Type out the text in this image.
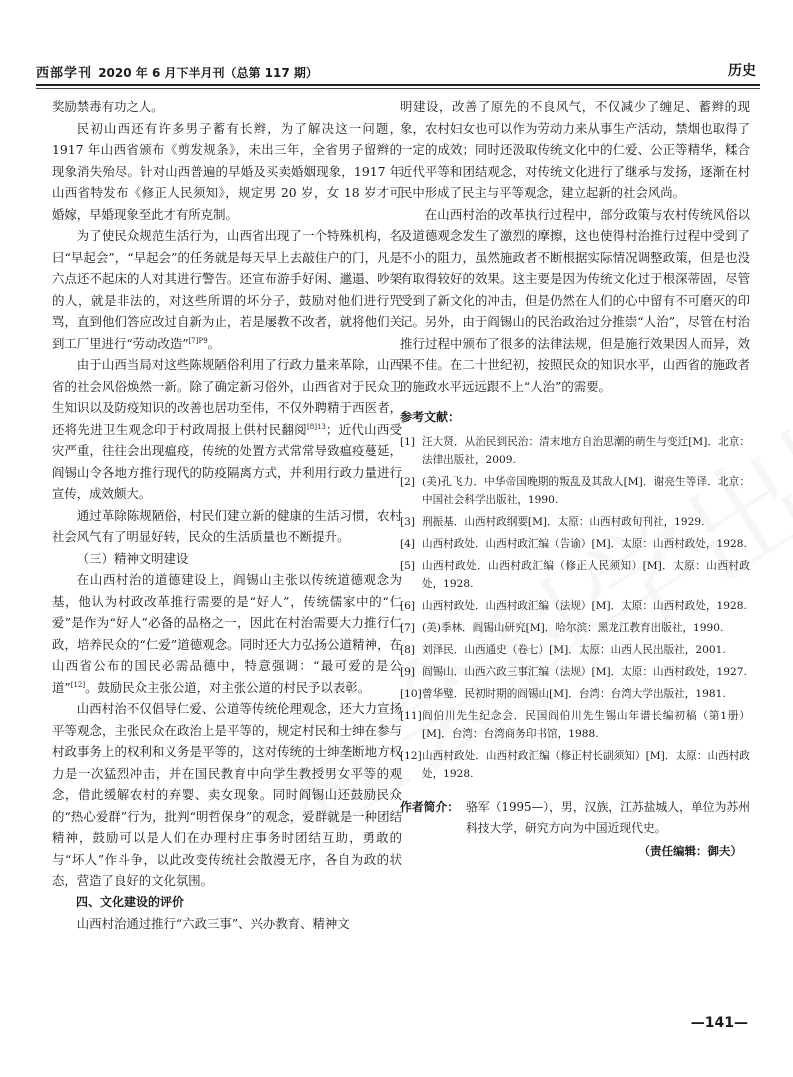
西部学刊 2020 年 6 月下半月刊（总第 117 期）	历史

奖励禁毒有功之人。

民初山西还有许多男子蓄有长辫，为了解决这一问题，1917 年山西省颁布《剪发规条》，未出三年，全省男子留辫的现象消失殆尽。针对山西普遍的早婚及买卖婚姻现象，1917 年山西省特发布《修正人民须知》，规定男 20 岁，女 18 岁才可婚嫁，早婚现象至此才有所克制。

为了使民众规范生活行为，山西省出现了一个特殊机构，名曰“早起会”，“早起会”的任务就是每天早上去敲住户的门，凡是六点还不起床的人对其进行警告。还宣布游手好闲、邋遢、吵架的人，就是非法的，对这些所谓的坏分子，鼓励对他们进行咒骂，直到他们答应改过自新为止，若是屡教不改者，就将他们关到工厂里进行“劳动改造”$^{[7]P9}$。

由于山西当局对这些陈规陋俗利用了行政力量来革除，山西省的社会风俗焕然一新。除了确定新习俗外，山西省对于民众卫生知识以及防疫知识的改善也居功至伟，不仅外聘精于西医者，还将先进卫生观念印于村政周报上供村民翻阅$^{[8]13}$；近代山西受灾严重，往往会出现瘟疫，传统的处置方式常常导致瘟疫蔓延，阎锡山令各地方推行现代的防疫隔离方式，并利用行政力量进行宣传，成效颇大。

通过革除陈规陋俗，村民们建立新的健康的生活习惯，农村社会风气有了明显好转，民众的生活质量也不断提升。

（三）精神文明建设

在山西村治的道德建设上，阎锡山主张以传统道德观念为基，他认为村政改革推行需要的是“好人”，传统儒家中的“仁爱”是作为“好人”必备的品格之一，因此在村治需要大力推行仁政，培养民众的“仁爱”道德观念。同时还大力弘扬公道精神，在山西省公布的国民必需品德中，特意强调：“最可爱的是公道”[12]。鼓励民众主张公道，对主张公道的村民予以表彰。

山西村治不仅倡导仁爱、公道等传统伦理观念，还大力宣扬平等观念，主张民众在政治上是平等的，规定村民和士绅在参与村政事务上的权利和义务是平等的，这对传统的士绅垄断地方权力是一次猛烈冲击，并在国民教育中向学生教授男女平等的观念，借此缓解农村的弃婴、卖女现象。同时阎锡山还鼓励民众的“热心爱群”行为，批判“明哲保身”的观念，爱群就是一种团结精神，鼓励可以是人们在办理村庄事务时团结互助，勇敢的与“坏人”作斗争，以此改变传统社会散漫无序，各自为政的状态，营造了良好的文化氛围。

四、文化建设的评价

山西村治通过推行“六政三事”、兴办教育、精神文

明建设，改善了原先的不良风气，不仅减少了缠足、蓄辫的现象，农村妇女也可以作为劳动力来从事生产活动，禁烟也取得了一定的成效；同时还汲取传统文化中的仁爱、公正等精华，糅合近代平等和团结观念，对传统文化进行了继承与发扬，逐渐在村民中形成了民主与平等观念，建立起新的社会风尚。

在山西村治的改革执行过程中，部分政策与农村传统风俗以及道德观念发生了激烈的摩擦，这也使得村治推行过程中受到了不小的阻力，虽然施政者不断根据实际情况调整政策，但是也没有取得较好的效果。这主要是因为传统文化过于根深蒂固，尽管受到了新文化的冲击，但是仍然在人们的心中留有不可磨灭的印记。另外，由于阎锡山的民治政治过分推崇“人治”，尽管在村治推行过程中颁布了很多的法律法规，但是施行效果因人而异，效果不佳。在二十世纪初，按照民众的知识水平，山西省的施政者的施政水平远远跟不上“人治”的需要。

参考文献：
[1] 汪大贤．从治民到民治：清末地方自治思潮的萌生与变迁[M]．北京：法律出版社，2009.
[2] (美)孔飞力．中华帝国晚期的叛乱及其敌人[M]．谢亮生等译．北京：中国社会科学出版社，1990.
[3] 刑振基．山西村政纲要[M]．太原：山西村政旬刊社，1929.
[4] 山西村政处．山西村政汇编（告谕）[M]．太原：山西村政处，1928.
[5] 山西村政处．山西村政汇编（修正人民须知）[M]．太原：山西村政处，1928.
[6] 山西村政处．山西村政汇编（法规）[M]．太原：山西村政处，1928.
[7] (美)季林．阎锡山研究[M]．哈尔滨：黑龙江教育出版社，1990.
[8] 刘泽民．山西通史（卷七）[M]．太原：山西人民出版社，2001.
[9] 阎锡山．山西六政三事汇编（法规）[M]．太原：山西村政处，1927.
[10] 曾华璧．民初时期的阎锡山[M]．台湾：台湾大学出版社，1981.
[11] 阎伯川先生纪念会．民国阎伯川先生锡山年谱长编初稿（第1册）[M]．台湾：台湾商务印书馆，1988.
[12] 山西村政处．山西村政汇编（修正村长副须知）[M]．太原：山西村政处，1928.
作者简介： 骆军（1995—），男，汉族，江苏盐城人，单位为苏州科技大学，研究方向为中国近现代史。
（责任编辑：御夫）
—141—
